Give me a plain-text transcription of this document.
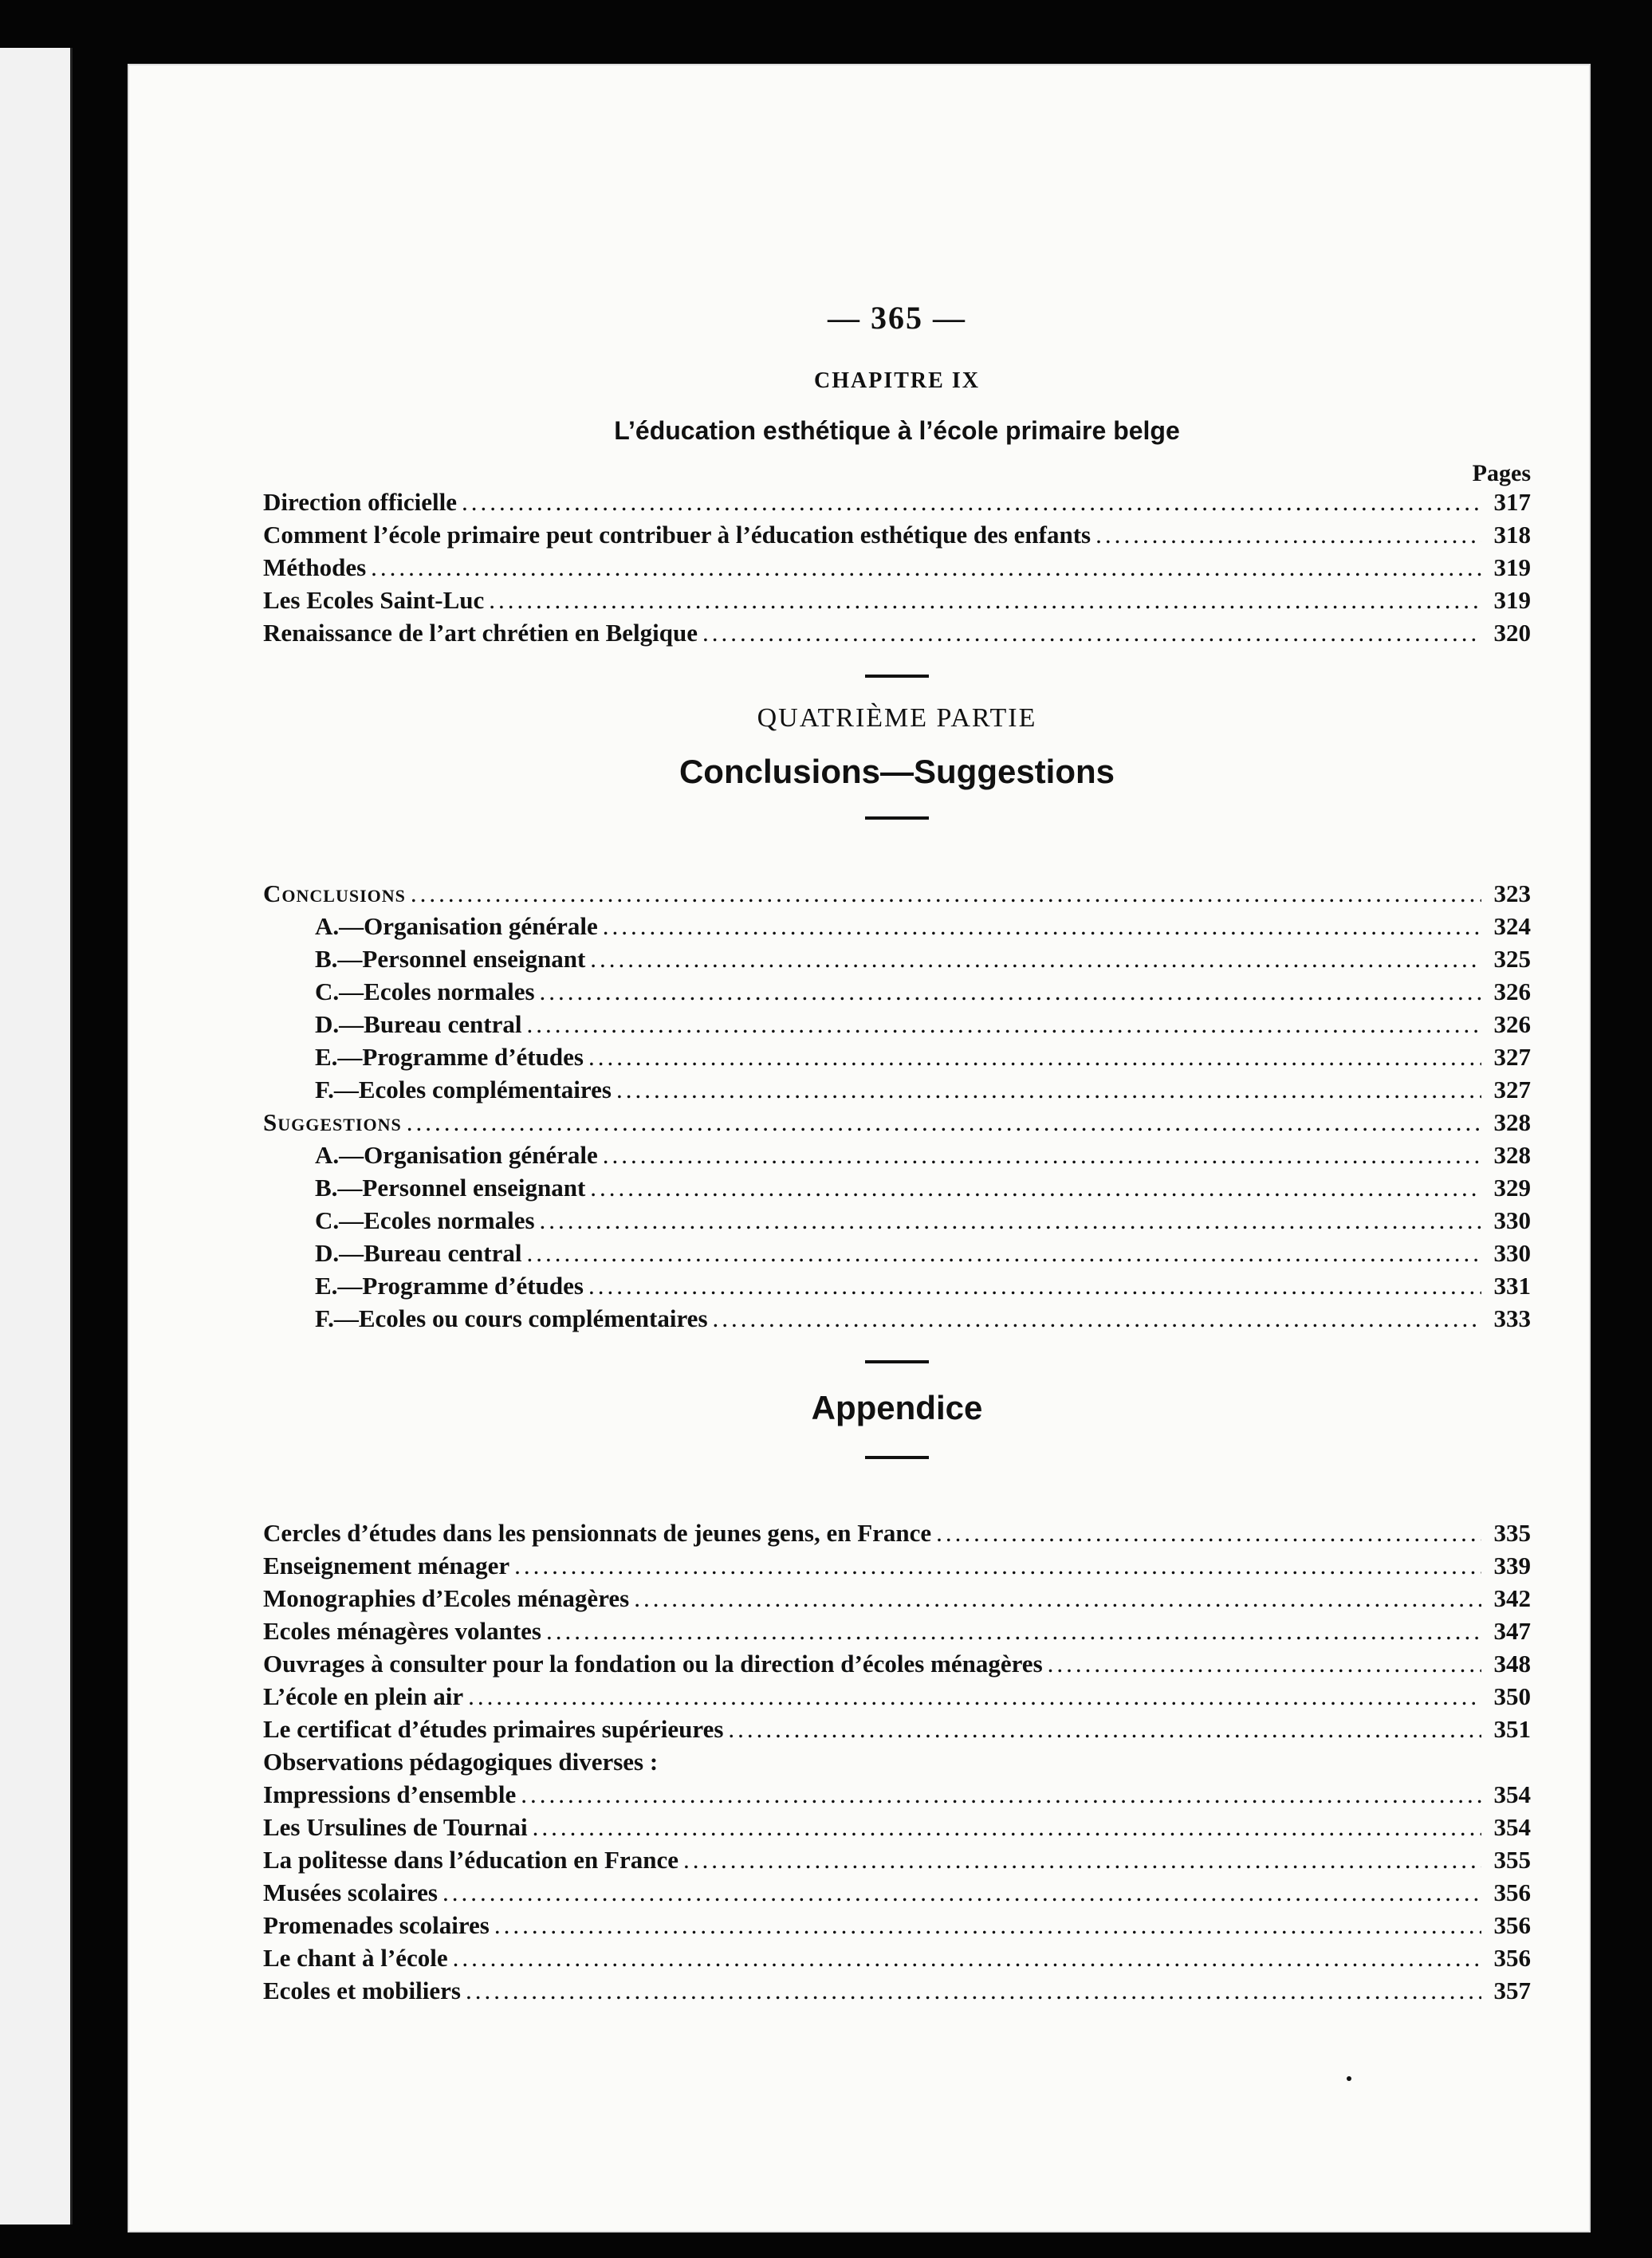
— 365 —
CHAPITRE IX
L’éducation esthétique à l’école primaire belge
Pages
Direction officielle .....	317
Comment l’école primaire peut contribuer à l’éducation esthétique des enfants .....	318
Méthodes .....	319
Les Ecoles Saint-Luc .....	319
Renaissance de l’art chrétien en Belgique .....	320
QUATRIÈME PARTIE
Conclusions—Suggestions
Conclusions .....	323
A.—Organisation générale .....	324
B.—Personnel enseignant .....	325
C.—Ecoles normales .....	326
D.—Bureau central .....	326
E.—Programme d’études .....	327
F.—Ecoles complémentaires .....	327
Suggestions .....	328
A.—Organisation générale .....	328
B.—Personnel enseignant .....	329
C.—Ecoles normales .....	330
D.—Bureau central .....	330
E.—Programme d’études .....	331
F.—Ecoles ou cours complémentaires .....	333
Appendice
Cercles d’études dans les pensionnats de jeunes gens, en France .....	335
Enseignement ménager .....	339
Monographies d’Ecoles ménagères .....	342
Ecoles ménagères volantes .....	347
Ouvrages à consulter pour la fondation ou la direction d’écoles ménagères .....	348
L’école en plein air .....	350
Le certificat d’études primaires supérieures .....	351
Observations pédagogiques diverses :
Impressions d’ensemble .....	354
Les Ursulines de Tournai .....	354
La politesse dans l’éducation en France .....	355
Musées scolaires .....	356
Promenades scolaires .....	356
Le chant à l’école .....	356
Ecoles et mobiliers .....	357
